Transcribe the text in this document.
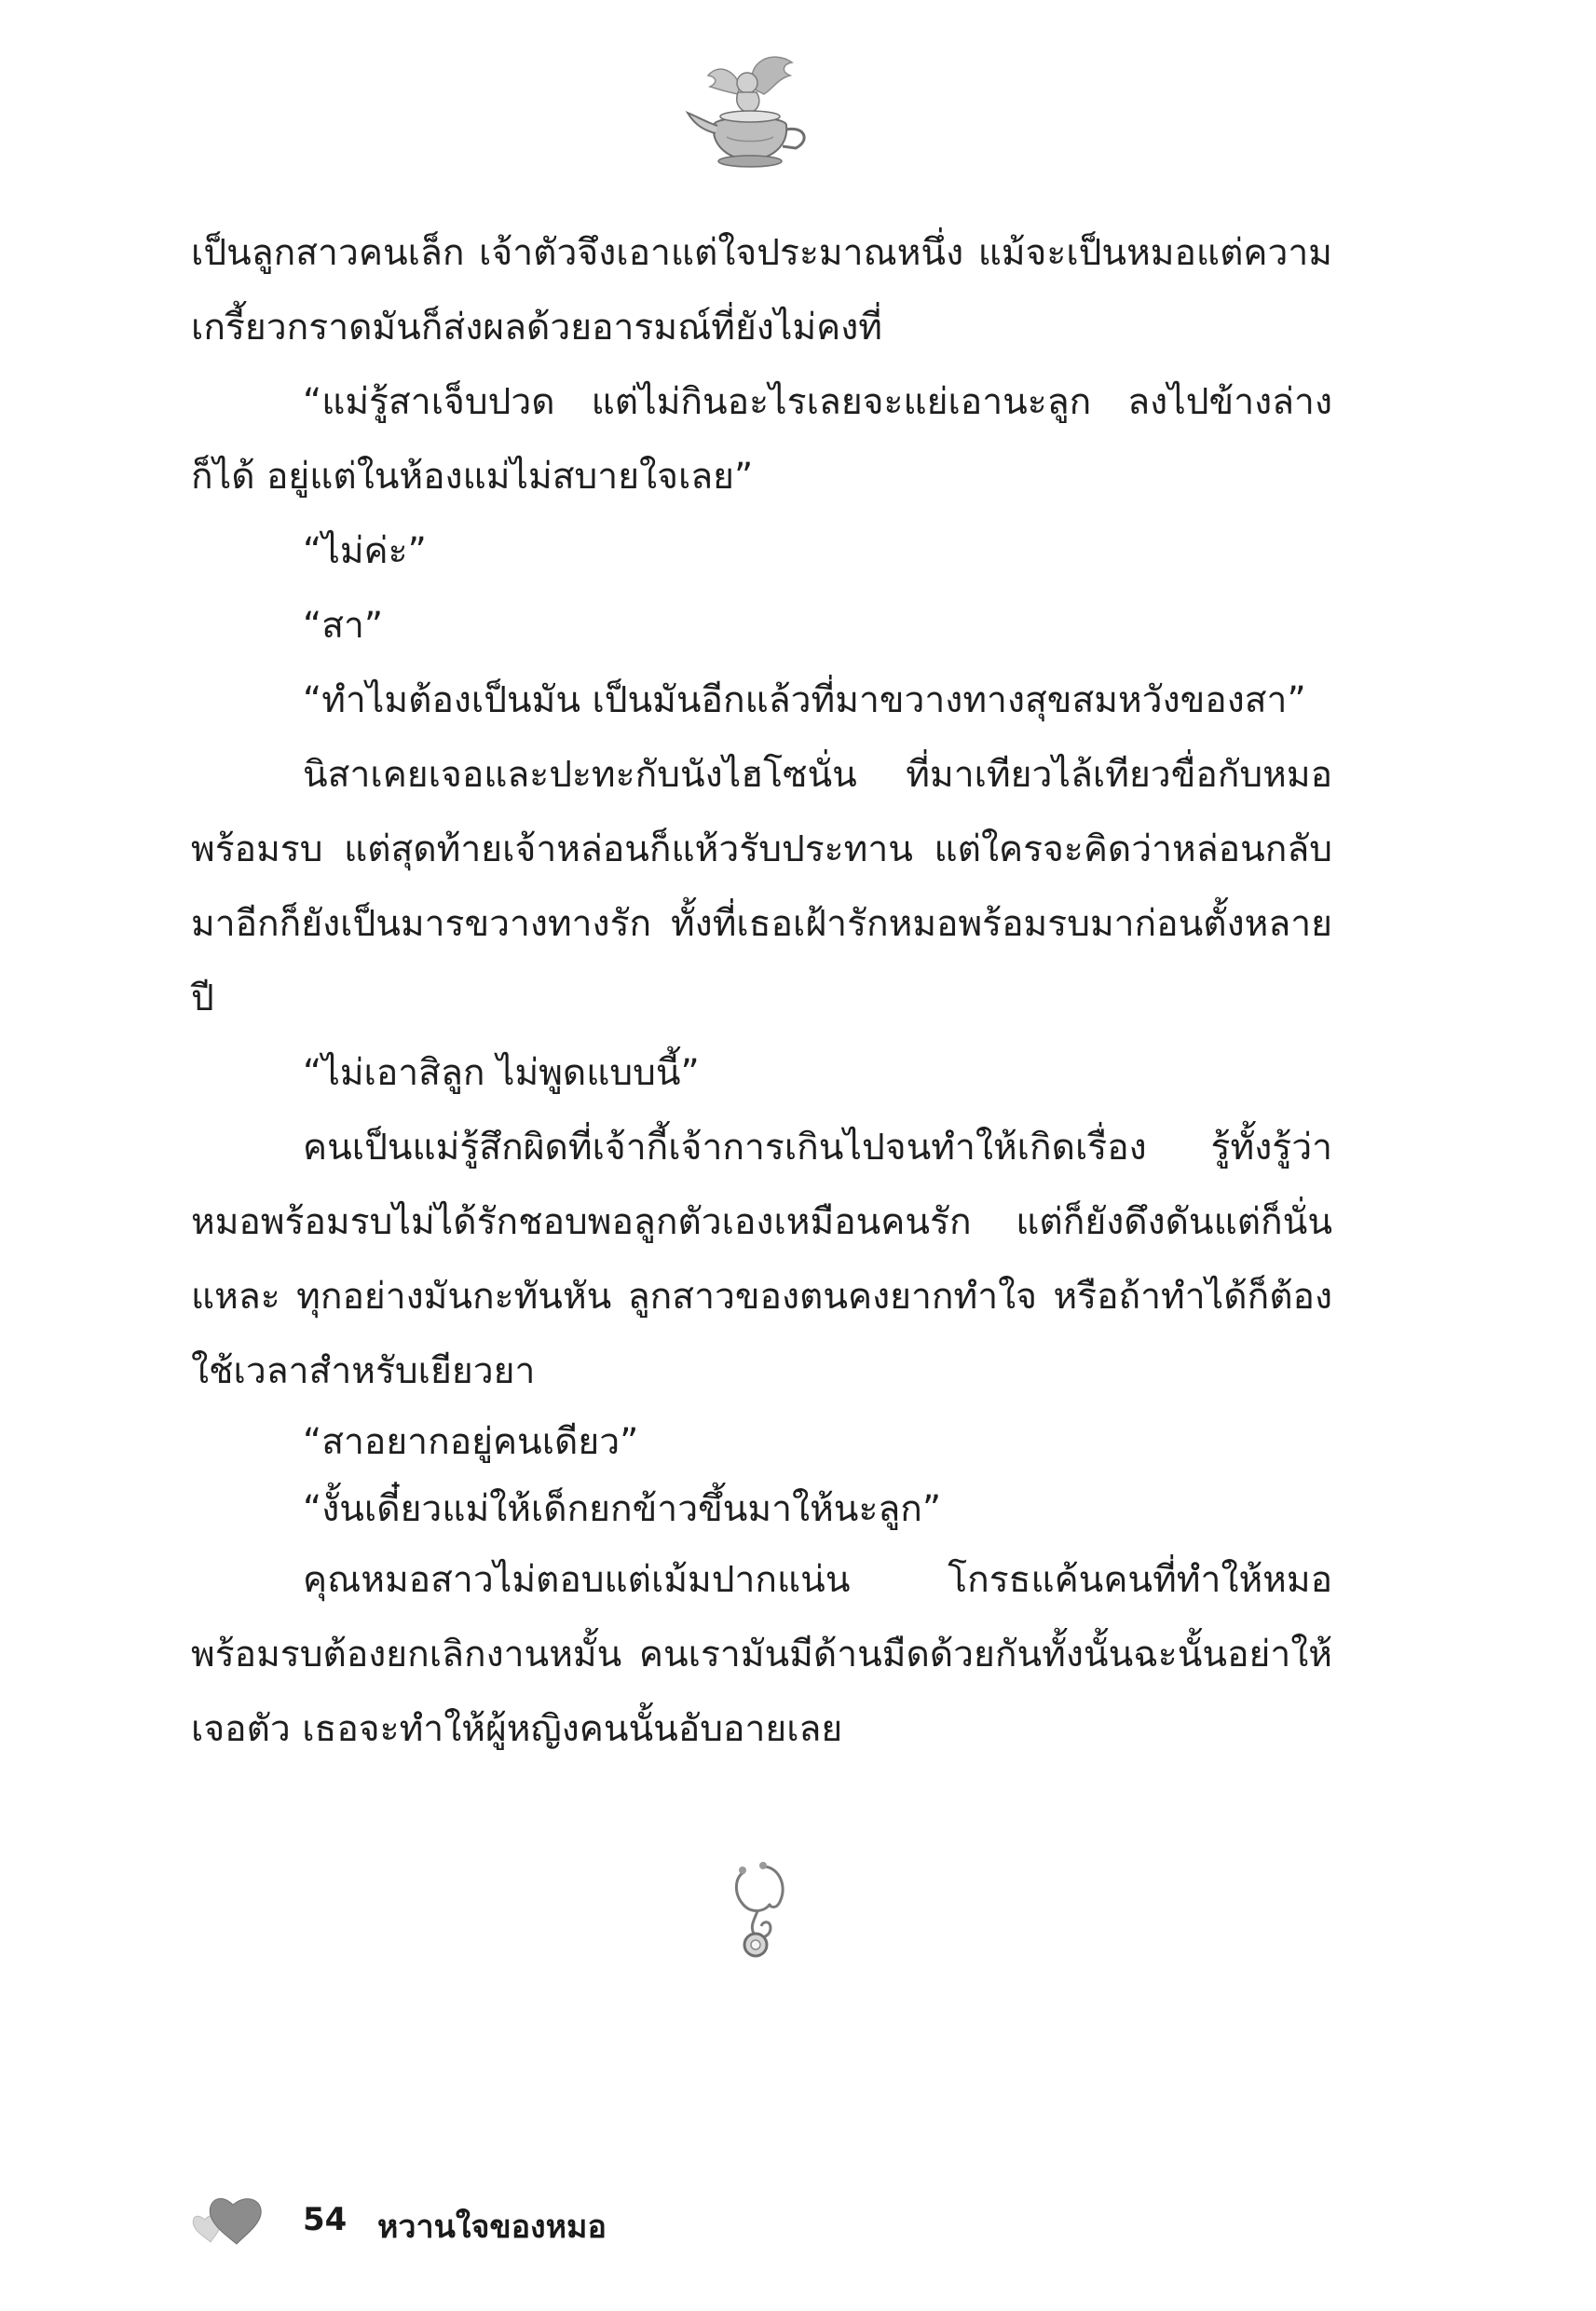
เป็นลูกสาวคนเล็ก เจ้าตัวจึงเอาแต่ใจประมาณหนึ่ง แม้จะเป็นหมอแต่ความเกรี้ยวกราดมันก็ส่งผลด้วยอารมณ์ที่ยังไม่คงที่

“แม่รู้สาเจ็บปวด แต่ไม่กินอะไรเลยจะแย่เอานะลูก ลงไปข้างล่างก็ได้ อยู่แต่ในห้องแม่ไม่สบายใจเลย”

“ไม่ค่ะ”

“สา”

“ทำไมต้องเป็นมัน เป็นมันอีกแล้วที่มาขวางทางสุขสมหวังของสา”

นิสาเคยเจอและปะทะกับนังไฮโซนั่น ที่มาเทียวไล้เทียวขื่อกับหมอพร้อมรบ แต่สุดท้ายเจ้าหล่อนก็แห้วรับประทาน แต่ใครจะคิดว่าหล่อนกลับมาอีกก็ยังเป็นมารขวางทางรัก ทั้งที่เธอเฝ้ารักหมอพร้อมรบมาก่อนตั้งหลายปี

“ไม่เอาสิลูก ไม่พูดแบบนี้”

คนเป็นแม่รู้สึกผิดที่เจ้ากี้เจ้าการเกินไปจนทำให้เกิดเรื่อง รู้ทั้งรู้ว่าหมอพร้อมรบไม่ได้รักชอบพอลูกตัวเองเหมือนคนรัก แต่ก็ยังดึงดันแต่ก็นั่นแหละ ทุกอย่างมันกะทันหัน ลูกสาวของตนคงยากทำใจ หรือถ้าทำได้ก็ต้องใช้เวลาสำหรับเยียวยา

“สาอยากอยู่คนเดียว”

“งั้นเดี๋ยวแม่ให้เด็กยกข้าวขึ้นมาให้นะลูก”

คุณหมอสาวไม่ตอบแต่เม้มปากแน่น โกรธแค้นคนที่ทำให้หมอพร้อมรบต้องยกเลิกงานหมั้น คนเรามันมีด้านมืดด้วยกันทั้งนั้นฉะนั้นอย่าให้เจอตัว เธอจะทำให้ผู้หญิงคนนั้นอับอายเลย

54 หวานใจของหมอ
